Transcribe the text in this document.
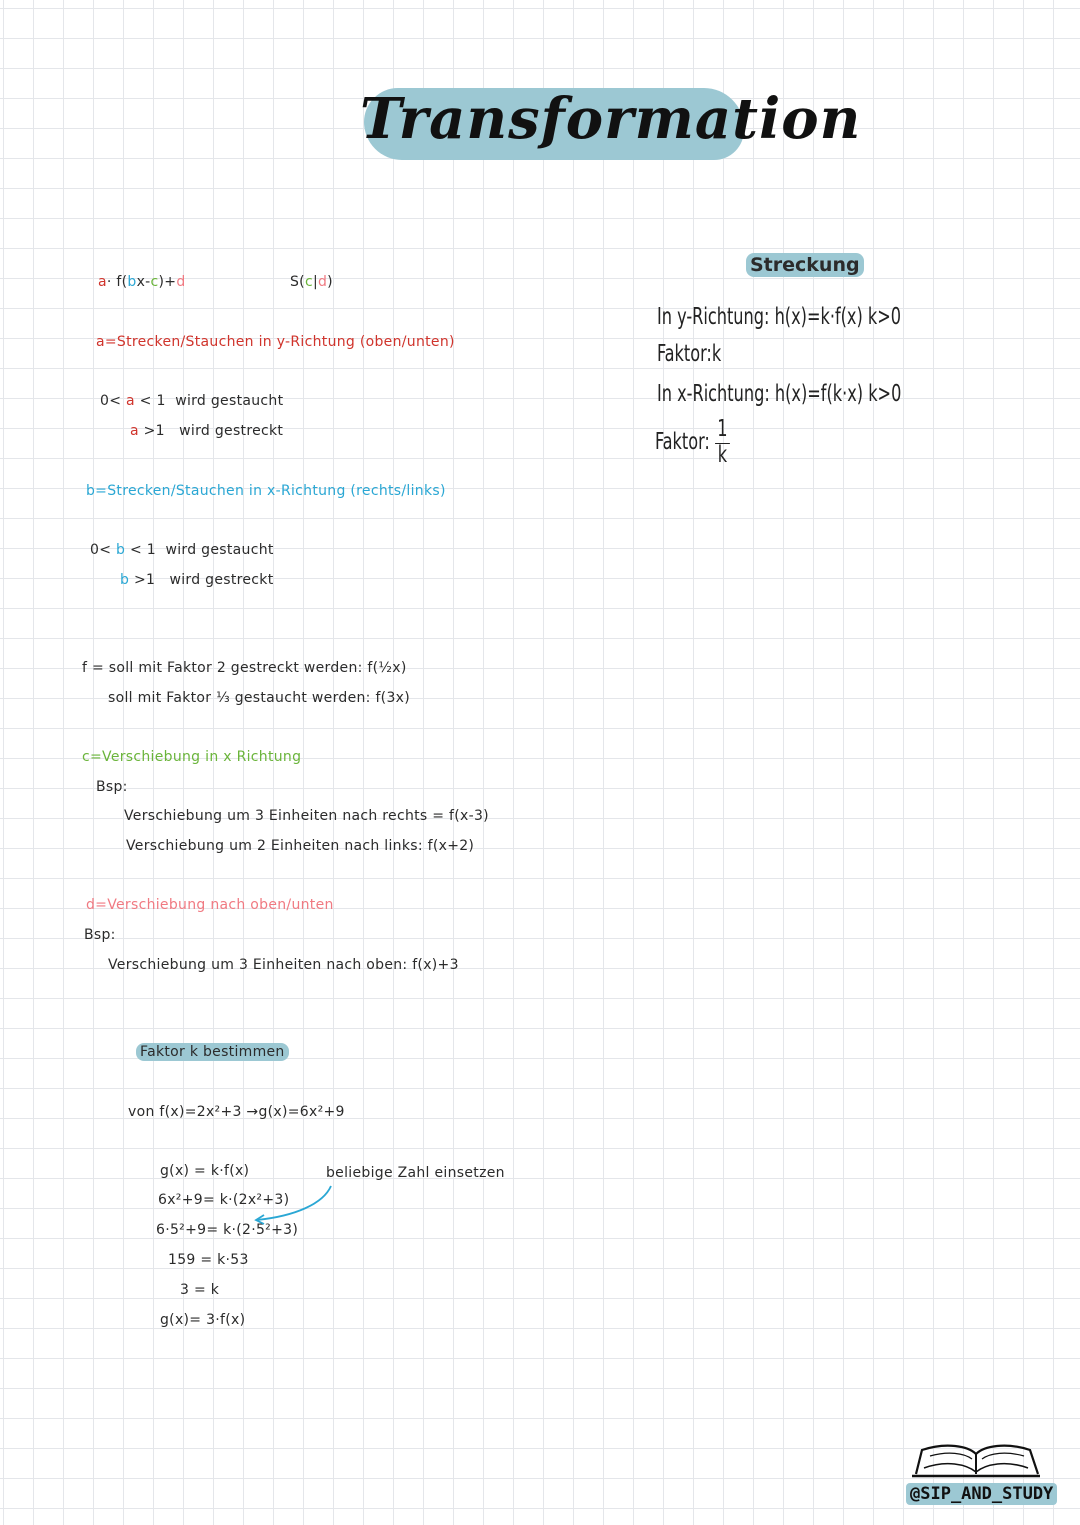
Transformation
a· f(bx-c)+d	S(c|d)
a=Strecken/Stauchen in y-Richtung (oben/unten)
0< a < 1 wird gestaucht
a >1 wird gestreckt
b=Strecken/Stauchen in x-Richtung (rechts/links)
0< b < 1 wird gestaucht
b >1 wird gestreckt
f = soll mit Faktor 2 gestreckt werden: f(½x)
soll mit Faktor ⅓ gestaucht werden: f(3x)
c=Verschiebung in x Richtung
Bsp:
Verschiebung um 3 Einheiten nach rechts = f(x-3)
Verschiebung um 2 Einheiten nach links: f(x+2)
d=Verschiebung nach oben/unten
Bsp:
Verschiebung um 3 Einheiten nach oben: f(x)+3
Faktor k bestimmen
von f(x)=2x²+3 →g(x)=6x²+9
g(x) = k·f(x)
6x²+9= k·(2x²+3)
6·5²+9= k·(2·5²+3)
159 = k·53
3 = k
g(x)= 3·f(x)
beliebige Zahl einsetzen
Streckung
In y-Richtung: h(x)=k·f(x) k>0
Faktor:k
In x-Richtung: h(x)=f(k·x) k>0
Faktor: $\frac{1}{k}$
@SIP_AND_STUDY
